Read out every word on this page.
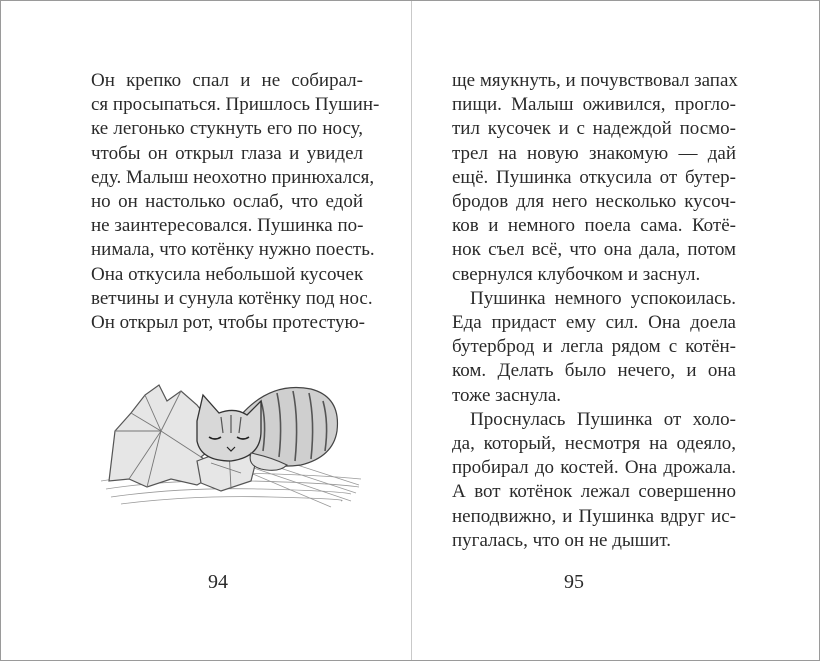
Он крепко спал и не собирал-
ся просыпаться. Пришлось Пушин-
ке легонько стукнуть его по носу,
чтобы он открыл глаза и увидел
еду. Малыш неохотно принюхался,
но он настолько ослаб, что едой
не заинтересовался. Пушинка по-
нимала, что котёнку нужно поесть.
Она откусила небольшой кусочек
ветчины и сунула котёнку под нос.
Он открыл рот, чтобы протестую-
94
ще мяукнуть, и почувствовал запах
пищи. Малыш оживился, прогло-
тил кусочек и с надеждой посмо-
трел на новую знакомую — дай
ещё. Пушинка откусила от бутер-
бродов для него несколько кусоч-
ков и немного поела сама. Котё-
нок съел всё, что она дала, потом
свернулся клубочком и заснул.
Пушинка немного успокоилась.
Еда придаст ему сил. Она доела
бутерброд и легла рядом с котён-
ком. Делать было нечего, и она
тоже заснула.
Проснулась Пушинка от холо-
да, который, несмотря на одеяло,
пробирал до костей. Она дрожала.
А вот котёнок лежал совершенно
неподвижно, и Пушинка вдруг ис-
пугалась, что он не дышит.
95
